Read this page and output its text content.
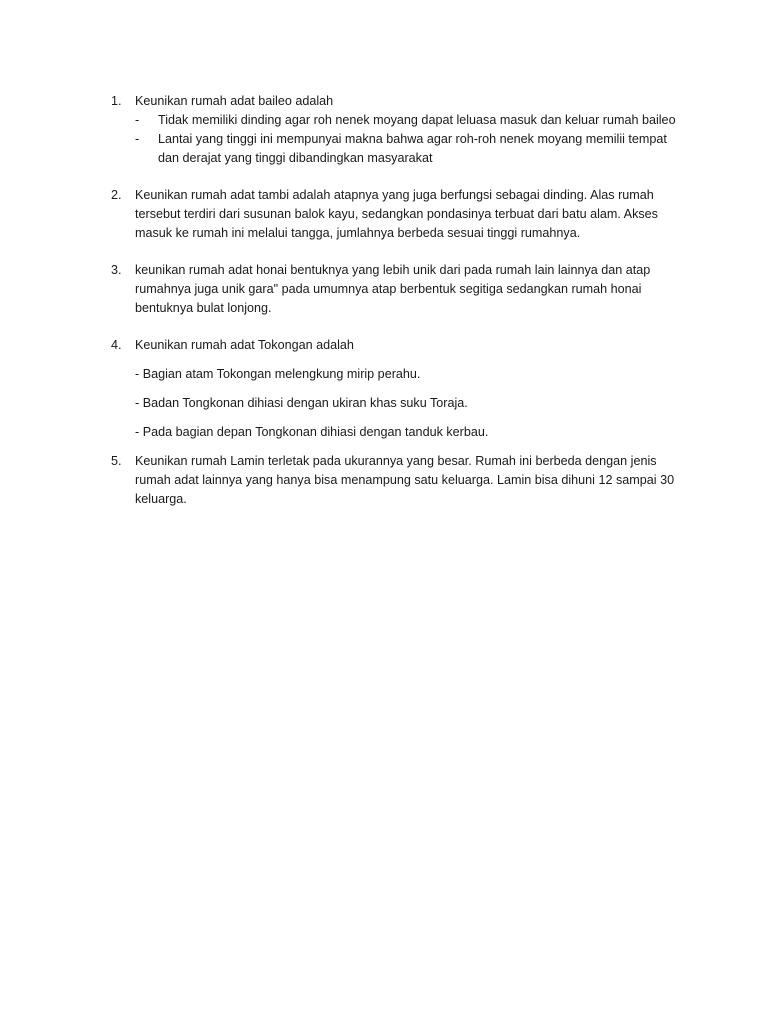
1.	Keunikan rumah adat baileo adalah
-	Tidak memiliki dinding agar roh nenek moyang dapat leluasa masuk dan keluar rumah baileo
-	Lantai yang tinggi ini mempunyai makna bahwa agar roh-roh nenek moyang memilii tempat
dan derajat yang tinggi dibandingkan masyarakat
2.	Keunikan rumah adat tambi adalah atapnya yang juga berfungsi sebagai dinding. Alas rumah
tersebut terdiri dari susunan balok kayu, sedangkan pondasinya terbuat dari batu alam. Akses
masuk ke rumah ini melalui tangga, jumlahnya berbeda sesuai tinggi rumahnya.
3.	keunikan rumah adat honai bentuknya yang lebih unik dari pada rumah lain lainnya dan atap
rumahnya juga unik gara" pada umumnya atap berbentuk segitiga sedangkan rumah honai
bentuknya bulat lonjong.
4.	Keunikan rumah adat Tokongan adalah
- Bagian atam Tokongan melengkung mirip perahu.
- Badan Tongkonan dihiasi dengan ukiran khas suku Toraja.
- Pada bagian depan Tongkonan dihiasi dengan tanduk kerbau.
5.	Keunikan rumah Lamin terletak pada ukurannya yang besar. Rumah ini berbeda dengan jenis
rumah adat lainnya yang hanya bisa menampung satu keluarga. Lamin bisa dihuni 12 sampai 30
keluarga.
